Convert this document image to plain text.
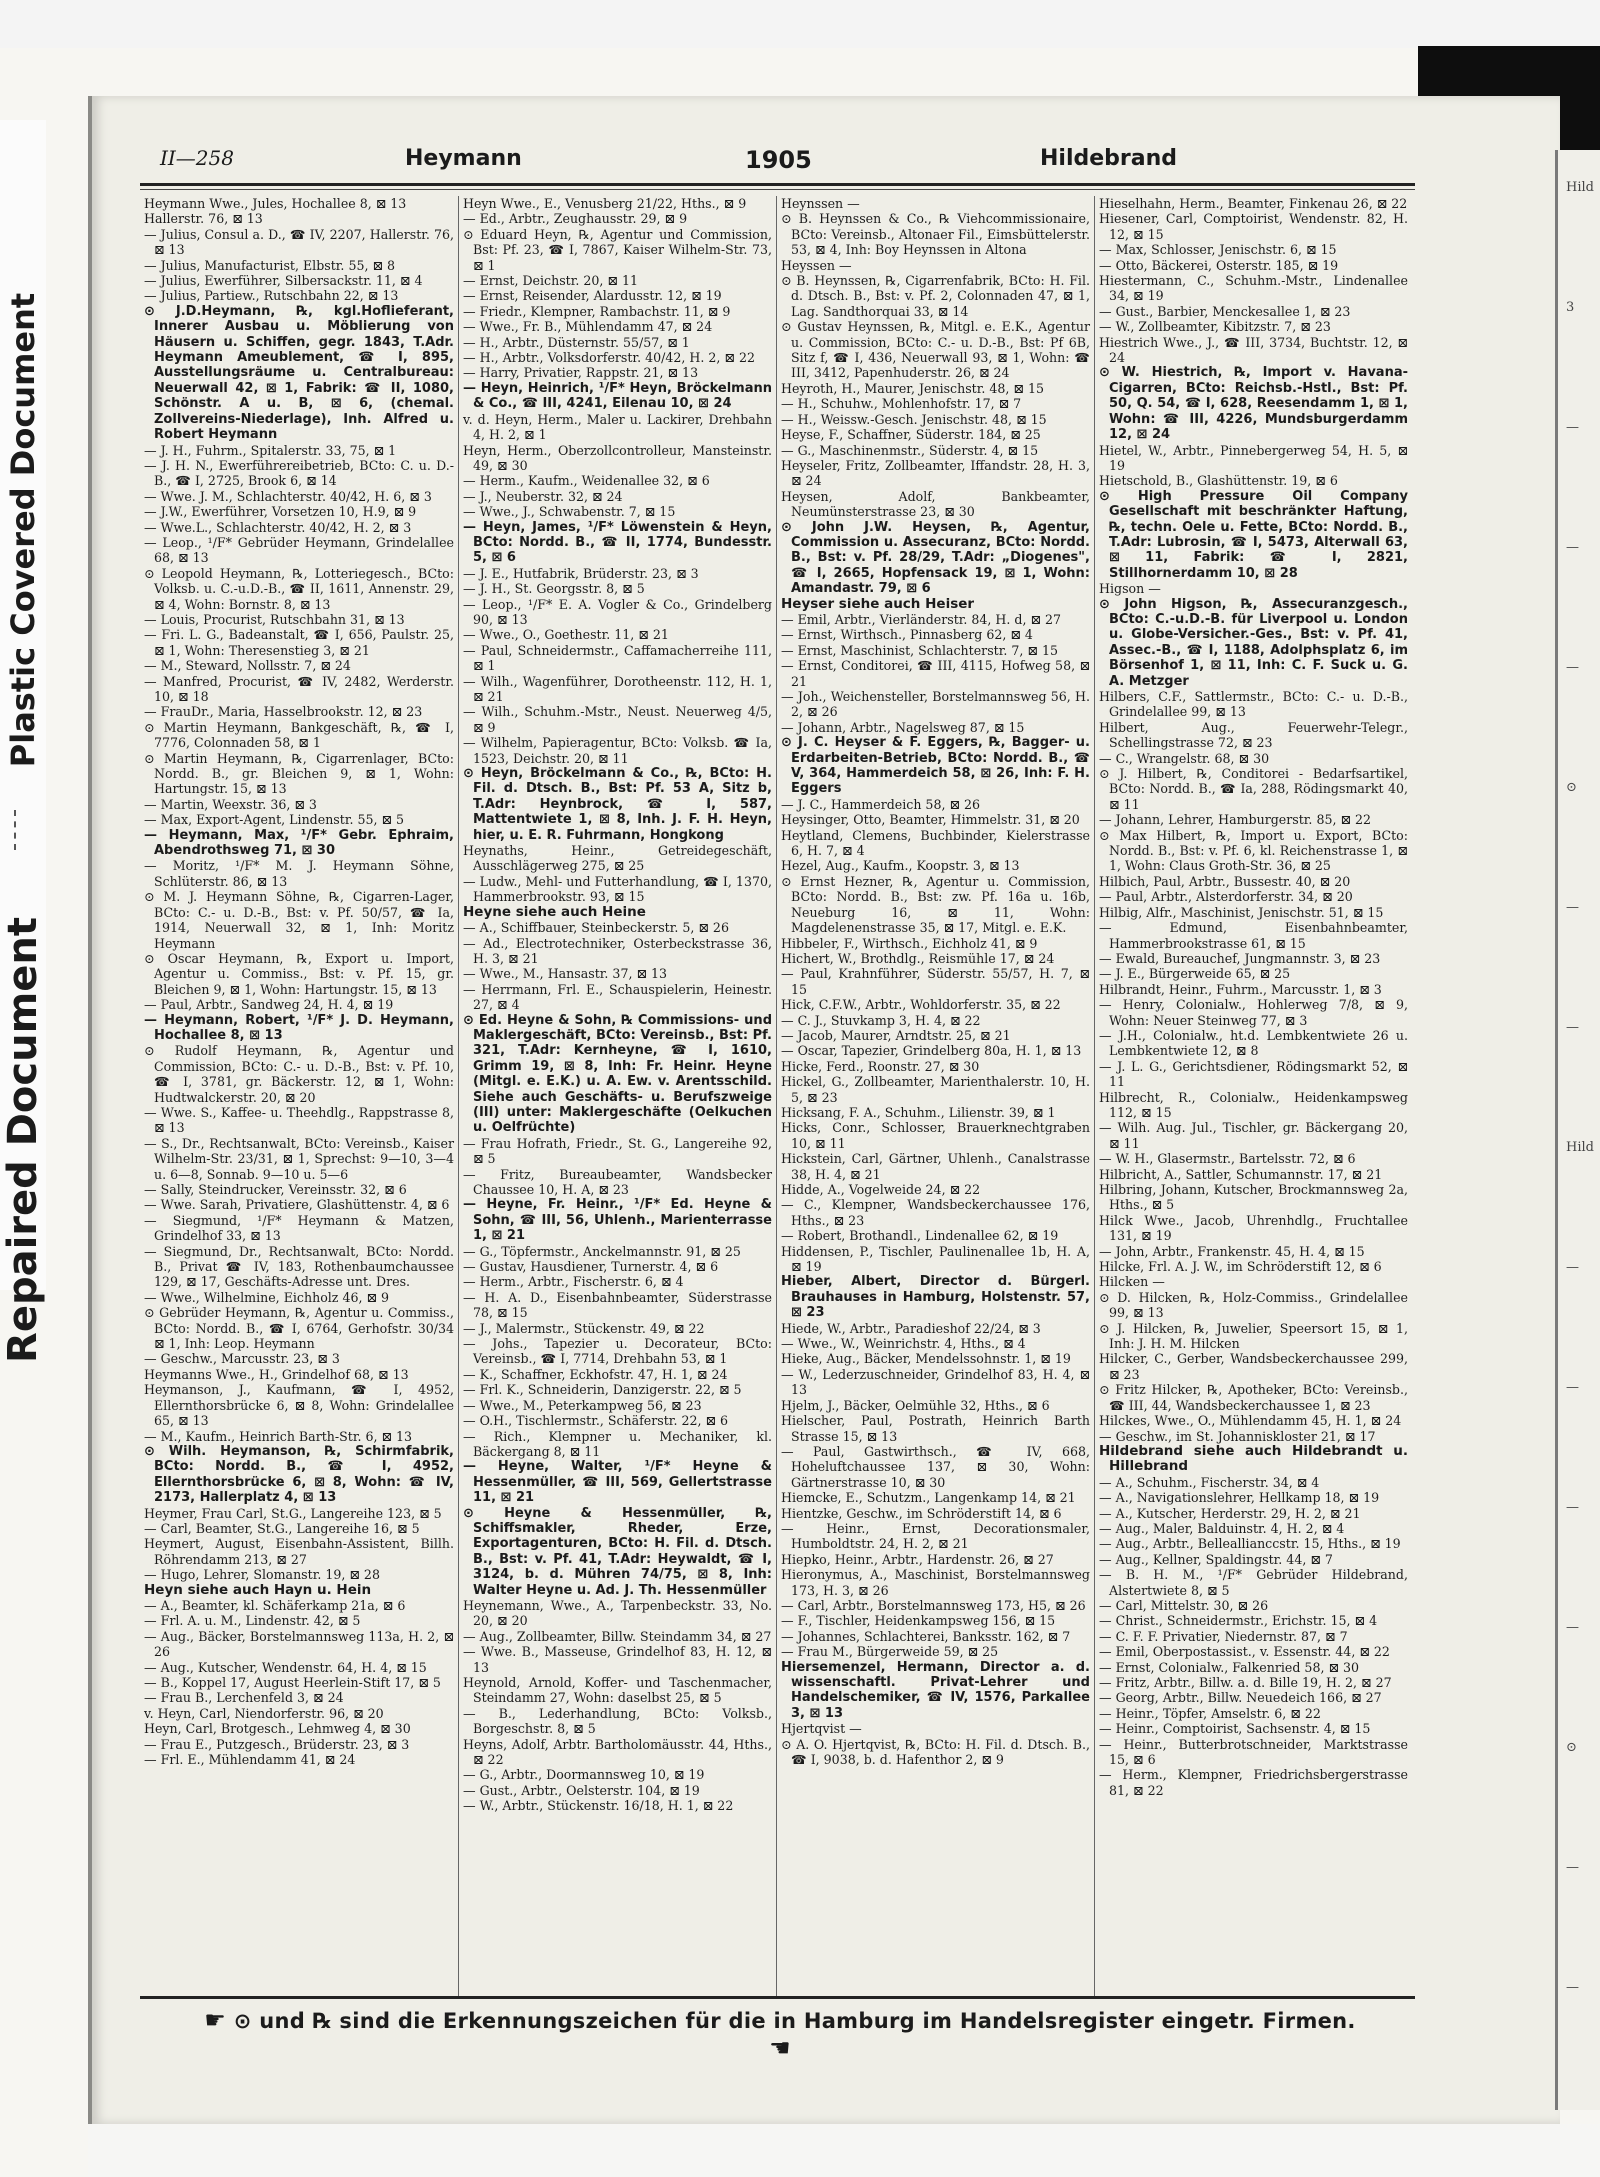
Plastic Covered Document
Repaired Document
Hild
3
—
—
—
⊙
—
—
Hild
—
—
—
—
⊙
—
—
II—258	Heymann	1905	Hildebrand

Heymann Wwe., Jules, Hochallee 8, ⊠ 13

Hallerstr. 76, ⊠ 13

— Julius, Consul a. D., ☎ IV, 2207, Hallerstr. 76, ⊠ 13

— Julius, Manufacturist, Elbstr. 55, ⊠ 8

— Julius, Ewerführer, Silbersackstr. 11, ⊠ 4

— Julius, Partiew., Rutschbahn 22, ⊠ 13

⊙ J.D.Heymann, ℞, kgl.Hoflieferant, Innerer Ausbau u. Möblierung von Häusern u. Schiffen, gegr. 1843, T.Adr. Heymann Ameublement, ☎ I, 895, Ausstellungsräume u. Centralbureau: Neuerwall 42, ⊠ 1, Fabrik: ☎ II, 1080, Schönstr. A u. B, ⊠ 6, (chemal. Zollvereins-Niederlage), Inh. Alfred u. Robert Heymann

— J. H., Fuhrm., Spitalerstr. 33, 75, ⊠ 1

— J. H. N., Ewerführereibetrieb, BCto: C. u. D.-B., ☎ I, 2725, Brook 6, ⊠ 14

— Wwe. J. M., Schlachterstr. 40/42, H. 6, ⊠ 3

— J.W., Ewerführer, Vorsetzen 10, H.9, ⊠ 9

— Wwe.L., Schlachterstr. 40/42, H. 2, ⊠ 3

— Leop., ¹/F* Gebrüder Heymann, Grindelallee 68, ⊠ 13

⊙ Leopold Heymann, ℞, Lotteriegesch., BCto: Volksb. u. C.-u.D.-B., ☎ II, 1611, Annenstr. 29, ⊠ 4, Wohn: Bornstr. 8, ⊠ 13

— Louis, Procurist, Rutschbahn 31, ⊠ 13

— Fri. L. G., Badeanstalt, ☎ I, 656, Paulstr. 25, ⊠ 1, Wohn: Theresenstieg 3, ⊠ 21

— M., Steward, Nollsstr. 7, ⊠ 24

— Manfred, Procurist, ☎ IV, 2482, Werderstr. 10, ⊠ 18

— FrauDr., Maria, Hasselbrookstr. 12, ⊠ 23

⊙ Martin Heymann, Bankgeschäft, ℞, ☎ I, 7776, Colonnaden 58, ⊠ 1

⊙ Martin Heymann, ℞, Cigarrenlager, BCto: Nordd. B., gr. Bleichen 9, ⊠ 1, Wohn: Hartungstr. 15, ⊠ 13

— Martin, Weexstr. 36, ⊠ 3

— Max, Export-Agent, Lindenstr. 55, ⊠ 5

— Heymann, Max, ¹/F* Gebr. Ephraim, Abendrothsweg 71, ⊠ 30

— Moritz, ¹/F* M. J. Heymann Söhne, Schlüterstr. 86, ⊠ 13

⊙ M. J. Heymann Söhne, ℞, Cigarren-Lager, BCto: C.- u. D.-B., Bst: v. Pf. 50/57, ☎ Ia, 1914, Neuerwall 32, ⊠ 1, Inh: Moritz Heymann

⊙ Oscar Heymann, ℞, Export u. Import, Agentur u. Commiss., Bst: v. Pf. 15, gr. Bleichen 9, ⊠ 1, Wohn: Hartungstr. 15, ⊠ 13

— Paul, Arbtr., Sandweg 24, H. 4, ⊠ 19

— Heymann, Robert, ¹/F* J. D. Heymann, Hochallee 8, ⊠ 13

⊙ Rudolf Heymann, ℞, Agentur und Commission, BCto: C.- u. D.-B., Bst: v. Pf. 10, ☎ I, 3781, gr. Bäckerstr. 12, ⊠ 1, Wohn: Hudtwalckerstr. 20, ⊠ 20

— Wwe. S., Kaffee- u. Theehdlg., Rappstrasse 8, ⊠ 13

— S., Dr., Rechtsanwalt, BCto: Vereinsb., Kaiser Wilhelm-Str. 23/31, ⊠ 1, Sprechst: 9—10, 3—4 u. 6—8, Sonnab. 9—10 u. 5—6

— Sally, Steindrucker, Vereinsstr. 32, ⊠ 6

— Wwe. Sarah, Privatiere, Glashüttenstr. 4, ⊠ 6

— Siegmund, ¹/F* Heymann & Matzen, Grindelhof 33, ⊠ 13

— Siegmund, Dr., Rechtsanwalt, BCto: Nordd. B., Privat ☎ IV, 183, Rothenbaumchaussee 129, ⊠ 17, Geschäfts-Adresse unt. Dres.

— Wwe., Wilhelmine, Eichholz 46, ⊠ 9

⊙ Gebrüder Heymann, ℞, Agentur u. Commiss., BCto: Nordd. B., ☎ I, 6764, Gerhofstr. 30/34 ⊠ 1, Inh: Leop. Heymann

— Geschw., Marcusstr. 23, ⊠ 3

Heymanns Wwe., H., Grindelhof 68, ⊠ 13

Heymanson, J., Kaufmann, ☎ I, 4952, Ellernthorsbrücke 6, ⊠ 8, Wohn: Grindelallee 65, ⊠ 13

— M., Kaufm., Heinrich Barth-Str. 6, ⊠ 13

⊙ Wilh. Heymanson, ℞, Schirmfabrik, BCto: Nordd. B., ☎ I, 4952, Ellernthorsbrücke 6, ⊠ 8, Wohn: ☎ IV, 2173, Hallerplatz 4, ⊠ 13

Heymer, Frau Carl, St.G., Langereihe 123, ⊠ 5

— Carl, Beamter, St.G., Langereihe 16, ⊠ 5

Heymert, August, Eisenbahn-Assistent, Billh. Röhrendamm 213, ⊠ 27

— Hugo, Lehrer, Slomanstr. 19, ⊠ 28

Heyn siehe auch Hayn u. Hein

— A., Beamter, kl. Schäferkamp 21a, ⊠ 6

— Frl. A. u. M., Lindenstr. 42, ⊠ 5

— Aug., Bäcker, Borstelmannsweg 113a, H. 2, ⊠ 26

— Aug., Kutscher, Wendenstr. 64, H. 4, ⊠ 15

— B., Koppel 17, August Heerlein-Stift 17, ⊠ 5

— Frau B., Lerchenfeld 3, ⊠ 24

v. Heyn, Carl, Niendorferstr. 96, ⊠ 20

Heyn, Carl, Brotgesch., Lehmweg 4, ⊠ 30

— Frau E., Putzgesch., Brüderstr. 23, ⊠ 3

— Frl. E., Mühlendamm 41, ⊠ 24

Heyn Wwe., E., Venusberg 21/22, Hths., ⊠ 9

— Ed., Arbtr., Zeughausstr. 29, ⊠ 9

⊙ Eduard Heyn, ℞, Agentur und Commission, Bst: Pf. 23, ☎ I, 7867, Kaiser Wilhelm-Str. 73, ⊠ 1

— Ernst, Deichstr. 20, ⊠ 11

— Ernst, Reisender, Alardusstr. 12, ⊠ 19

— Friedr., Klempner, Rambachstr. 11, ⊠ 9

— Wwe., Fr. B., Mühlendamm 47, ⊠ 24

— H., Arbtr., Düsternstr. 55/57, ⊠ 1

— H., Arbtr., Volksdorferstr. 40/42, H. 2, ⊠ 22

— Harry, Privatier, Rappstr. 21, ⊠ 13

— Heyn, Heinrich, ¹/F* Heyn, Bröckelmann & Co., ☎ III, 4241, Eilenau 10, ⊠ 24

v. d. Heyn, Herm., Maler u. Lackirer, Drehbahn 4, H. 2, ⊠ 1

Heyn, Herm., Oberzollcontrolleur, Mansteinstr. 49, ⊠ 30

— Herm., Kaufm., Weidenallee 32, ⊠ 6

— J., Neuberstr. 32, ⊠ 24

— Wwe., J., Schwabenstr. 7, ⊠ 15

— Heyn, James, ¹/F* Löwenstein & Heyn, BCto: Nordd. B., ☎ II, 1774, Bundesstr. 5, ⊠ 6

— J. E., Hutfabrik, Brüderstr. 23, ⊠ 3

— J. H., St. Georgsstr. 8, ⊠ 5

— Leop., ¹/F* E. A. Vogler & Co., Grindelberg 90, ⊠ 13

— Wwe., O., Goethestr. 11, ⊠ 21

— Paul, Schneidermstr., Caffamacherreihe 111, ⊠ 1

— Wilh., Wagenführer, Dorotheenstr. 112, H. 1, ⊠ 21

— Wilh., Schuhm.-Mstr., Neust. Neuerweg 4/5, ⊠ 9

— Wilhelm, Papieragentur, BCto: Volksb. ☎ Ia, 1523, Deichstr. 20, ⊠ 11

⊙ Heyn, Bröckelmann & Co., ℞, BCto: H. Fil. d. Dtsch. B., Bst: Pf. 53 A, Sitz b, T.Adr: Heynbrock, ☎ I, 587, Mattentwiete 1, ⊠ 8, Inh. J. F. H. Heyn, hier, u. E. R. Fuhrmann, Hongkong

Heynaths, Heinr., Getreidegeschäft, Ausschlägerweg 275, ⊠ 25

— Ludw., Mehl- und Futterhandlung, ☎ I, 1370, Hammerbrookstr. 93, ⊠ 15

Heyne siehe auch Heine

— A., Schiffbauer, Steinbeckerstr. 5, ⊠ 26

— Ad., Electrotechniker, Osterbeckstrasse 36, H. 3, ⊠ 21

— Wwe., M., Hansastr. 37, ⊠ 13

— Herrmann, Frl. E., Schauspielerin, Heinestr. 27, ⊠ 4

⊙ Ed. Heyne & Sohn, ℞ Commissions- und Maklergeschäft, BCto: Vereinsb., Bst: Pf. 321, T.Adr: Kernheyne, ☎ I, 1610, Grimm 19, ⊠ 8, Inh: Fr. Heinr. Heyne (Mitgl. e. E.K.) u. A. Ew. v. Arentsschild. Siehe auch Geschäfts- u. Berufszweige (III) unter: Maklergeschäfte (Oelkuchen u. Oelfrüchte)

— Frau Hofrath, Friedr., St. G., Langereihe 92, ⊠ 5

— Fritz, Bureaubeamter, Wandsbecker Chaussee 10, H. A, ⊠ 23

— Heyne, Fr. Heinr., ¹/F* Ed. Heyne & Sohn, ☎ III, 56, Uhlenh., Marienterrasse 1, ⊠ 21

— G., Töpfermstr., Anckelmannstr. 91, ⊠ 25

— Gustav, Hausdiener, Turnerstr. 4, ⊠ 6

— Herm., Arbtr., Fischerstr. 6, ⊠ 4

— H. A. D., Eisenbahnbeamter, Süderstrasse 78, ⊠ 15

— J., Malermstr., Stückenstr. 49, ⊠ 22

— Johs., Tapezier u. Decorateur, BCto: Vereinsb., ☎ I, 7714, Drehbahn 53, ⊠ 1

— K., Schaffner, Eckhofstr. 47, H. 1, ⊠ 24

— Frl. K., Schneiderin, Danzigerstr. 22, ⊠ 5

— Wwe., M., Peterkampweg 56, ⊠ 23

— O.H., Tischlermstr., Schäferstr. 22, ⊠ 6

— Rich., Klempner u. Mechaniker, kl. Bäckergang 8, ⊠ 11

— Heyne, Walter, ¹/F* Heyne & Hessenmüller, ☎ III, 569, Gellertstrasse 11, ⊠ 21

⊙ Heyne & Hessenmüller, ℞, Schiffsmakler, Rheder, Erze, Exportagenturen, BCto: H. Fil. d. Dtsch. B., Bst: v. Pf. 41, T.Adr: Heywaldt, ☎ I, 3124, b. d. Mühren 74/75, ⊠ 8, Inh: Walter Heyne u. Ad. J. Th. Hessenmüller

Heynemann, Wwe., A., Tarpenbeckstr. 33, No. 20, ⊠ 20

— Aug., Zollbeamter, Billw. Steindamm 34, ⊠ 27

— Wwe. B., Masseuse, Grindelhof 83, H. 12, ⊠ 13

Heynold, Arnold, Koffer- und Taschenmacher, Steindamm 27, Wohn: daselbst 25, ⊠ 5

— B., Lederhandlung, BCto: Volksb., Borgeschstr. 8, ⊠ 5

Heyns, Adolf, Arbtr. Bartholomäusstr. 44, Hths., ⊠ 22

— G., Arbtr., Doormannsweg 10, ⊠ 19

— Gust., Arbtr., Oelsterstr. 104, ⊠ 19

— W., Arbtr., Stückenstr. 16/18, H. 1, ⊠ 22

Heynssen —

⊙ B. Heynssen & Co., ℞ Viehcommissionaire, BCto: Vereinsb., Altonaer Fil., Eimsbüttelerstr. 53, ⊠ 4, Inh: Boy Heynssen in Altona

Heyssen —

⊙ B. Heynssen, ℞, Cigarrenfabrik, BCto: H. Fil. d. Dtsch. B., Bst: v. Pf. 2, Colonnaden 47, ⊠ 1, Lag. Sandthorquai 33, ⊠ 14

⊙ Gustav Heynssen, ℞, Mitgl. e. E.K., Agentur u. Commission, BCto: C.- u. D.-B., Bst: Pf 6B, Sitz f, ☎ I, 436, Neuerwall 93, ⊠ 1, Wohn: ☎ III, 3412, Papenhuderstr. 26, ⊠ 24

Heyroth, H., Maurer, Jenischstr. 48, ⊠ 15

— H., Schuhw., Mohlenhofstr. 17, ⊠ 7

— H., Weissw.-Gesch. Jenischstr. 48, ⊠ 15

Heyse, F., Schaffner, Süderstr. 184, ⊠ 25

— G., Maschinenmstr., Süderstr. 4, ⊠ 15

Heyseler, Fritz, Zollbeamter, Iffandstr. 28, H. 3, ⊠ 24

Heysen, Adolf, Bankbeamter, Neumünsterstrasse 23, ⊠ 30

⊙ John J.W. Heysen, ℞, Agentur, Commission u. Assecuranz, BCto: Nordd. B., Bst: v. Pf. 28/29, T.Adr: „Diogenes", ☎ I, 2665, Hopfensack 19, ⊠ 1, Wohn: Amandastr. 79, ⊠ 6

Heyser siehe auch Heiser

— Emil, Arbtr., Vierländerstr. 84, H. d, ⊠ 27

— Ernst, Wirthsch., Pinnasberg 62, ⊠ 4

— Ernst, Maschinist, Schlachterstr. 7, ⊠ 15

— Ernst, Conditorei, ☎ III, 4115, Hofweg 58, ⊠ 21

— Joh., Weichensteller, Borstelmannsweg 56, H. 2, ⊠ 26

— Johann, Arbtr., Nagelsweg 87, ⊠ 15

⊙ J. C. Heyser & F. Eggers, ℞, Bagger- u. Erdarbeiten-Betrieb, BCto: Nordd. B., ☎ V, 364, Hammerdeich 58, ⊠ 26, Inh: F. H. Eggers

— J. C., Hammerdeich 58, ⊠ 26

Heysinger, Otto, Beamter, Himmelstr. 31, ⊠ 20

Heytland, Clemens, Buchbinder, Kielerstrasse 6, H. 7, ⊠ 4

Hezel, Aug., Kaufm., Koopstr. 3, ⊠ 13

⊙ Ernst Hezner, ℞, Agentur u. Commission, BCto: Nordd. B., Bst: zw. Pf. 16a u. 16b, Neueburg 16, ⊠ 11, Wohn: Magdelenenstrasse 35, ⊠ 17, Mitgl. e. E.K.

Hibbeler, F., Wirthsch., Eichholz 41, ⊠ 9

Hichert, W., Brothdlg., Reismühle 17, ⊠ 24

— Paul, Krahnführer, Süderstr. 55/57, H. 7, ⊠ 15

Hick, C.F.W., Arbtr., Wohldorferstr. 35, ⊠ 22

— C. J., Stuvkamp 3, H. 4, ⊠ 22

— Jacob, Maurer, Arndtstr. 25, ⊠ 21

— Oscar, Tapezier, Grindelberg 80a, H. 1, ⊠ 13

Hicke, Ferd., Roonstr. 27, ⊠ 30

Hickel, G., Zollbeamter, Marienthalerstr. 10, H. 5, ⊠ 23

Hicksang, F. A., Schuhm., Lilienstr. 39, ⊠ 1

Hicks, Conr., Schlosser, Brauerknechtgraben 10, ⊠ 11

Hickstein, Carl, Gärtner, Uhlenh., Canalstrasse 38, H. 4, ⊠ 21

Hidde, A., Vogelweide 24, ⊠ 22

— C., Klempner, Wandsbeckerchaussee 176, Hths., ⊠ 23

— Robert, Brothandl., Lindenallee 62, ⊠ 19

Hiddensen, P., Tischler, Paulinenallee 1b, H. A, ⊠ 19

Hieber, Albert, Director d. Bürgerl. Brauhauses in Hamburg, Holstenstr. 57, ⊠ 23

Hiede, W., Arbtr., Paradieshof 22/24, ⊠ 3

— Wwe., W., Weinrichstr. 4, Hths., ⊠ 4

Hieke, Aug., Bäcker, Mendelssohnstr. 1, ⊠ 19

— W., Lederzuschneider, Grindelhof 83, H. 4, ⊠ 13

Hjelm, J., Bäcker, Oelmühle 32, Hths., ⊠ 6

Hielscher, Paul, Postrath, Heinrich Barth Strasse 15, ⊠ 13

— Paul, Gastwirthsch., ☎ IV, 668, Hoheluftchaussee 137, ⊠ 30, Wohn: Gärtnerstrasse 10, ⊠ 30

Hiemcke, E., Schutzm., Langenkamp 14, ⊠ 21

Hientzke, Geschw., im Schröderstift 14, ⊠ 6

— Heinr., Ernst, Decorationsmaler, Humboldtstr. 24, H. 2, ⊠ 21

Hiepko, Heinr., Arbtr., Hardenstr. 26, ⊠ 27

Hieronymus, A., Maschinist, Borstelmannsweg 173, H. 3, ⊠ 26

— Carl, Arbtr., Borstelmannsweg 173, H5, ⊠ 26

— F., Tischler, Heidenkampsweg 156, ⊠ 15

— Johannes, Schlachterei, Banksstr. 162, ⊠ 7

— Frau M., Bürgerweide 59, ⊠ 25

Hiersemenzel, Hermann, Director a. d. wissenschaftl. Privat-Lehrer und Handelschemiker, ☎ IV, 1576, Parkallee 3, ⊠ 13

Hjertqvist —

⊙ A. O. Hjertqvist, ℞, BCto: H. Fil. d. Dtsch. B., ☎ I, 9038, b. d. Hafenthor 2, ⊠ 9

Hieselhahn, Herm., Beamter, Finkenau 26, ⊠ 22

Hiesener, Carl, Comptoirist, Wendenstr. 82, H. 12, ⊠ 15

— Max, Schlosser, Jenischstr. 6, ⊠ 15

— Otto, Bäckerei, Osterstr. 185, ⊠ 19

Hiestermann, C., Schuhm.-Mstr., Lindenallee 34, ⊠ 19

— Gust., Barbier, Menckesallee 1, ⊠ 23

— W., Zollbeamter, Kibitzstr. 7, ⊠ 23

Hiestrich Wwe., J., ☎ III, 3734, Buchtstr. 12, ⊠ 24

⊙ W. Hiestrich, ℞, Import v. Havana-Cigarren, BCto: Reichsb.-Hstl., Bst: Pf. 50, Q. 54, ☎ I, 628, Reesendamm 1, ⊠ 1, Wohn: ☎ III, 4226, Mundsburgerdamm 12, ⊠ 24

Hietel, W., Arbtr., Pinnebergerweg 54, H. 5, ⊠ 19

Hietschold, B., Glashüttenstr. 19, ⊠ 6

⊙ High Pressure Oil Company Gesellschaft mit beschränkter Haftung, ℞, techn. Oele u. Fette, BCto: Nordd. B., T.Adr: Lubrosin, ☎ I, 5473, Alterwall 63, ⊠ 11, Fabrik: ☎ I, 2821, Stillhornerdamm 10, ⊠ 28

Higson —

⊙ John Higson, ℞, Assecuranzgesch., BCto: C.-u.D.-B. für Liverpool u. London u. Globe-Versicher.-Ges., Bst: v. Pf. 41, Assec.-B., ☎ I, 1188, Adolphsplatz 6, im Börsenhof 1, ⊠ 11, Inh: C. F. Suck u. G. A. Metzger

Hilbers, C.F., Sattlermstr., BCto: C.- u. D.-B., Grindelallee 99, ⊠ 13

Hilbert, Aug., Feuerwehr-Telegr., Schellingstrasse 72, ⊠ 23

— C., Wrangelstr. 68, ⊠ 30

⊙ J. Hilbert, ℞, Conditorei - Bedarfsartikel, BCto: Nordd. B., ☎ Ia, 288, Rödingsmarkt 40, ⊠ 11

— Johann, Lehrer, Hamburgerstr. 85, ⊠ 22

⊙ Max Hilbert, ℞, Import u. Export, BCto: Nordd. B., Bst: v. Pf. 6, kl. Reichenstrasse 1, ⊠ 1, Wohn: Claus Groth-Str. 36, ⊠ 25

Hilbich, Paul, Arbtr., Bussestr. 40, ⊠ 20

— Paul, Arbtr., Alsterdorferstr. 34, ⊠ 20

Hilbig, Alfr., Maschinist, Jenischstr. 51, ⊠ 15

— Edmund, Eisenbahnbeamter, Hammerbrookstrasse 61, ⊠ 15

— Ewald, Bureauchef, Jungmannstr. 3, ⊠ 23

— J. E., Bürgerweide 65, ⊠ 25

Hilbrandt, Heinr., Fuhrm., Marcusstr. 1, ⊠ 3

— Henry, Colonialw., Hohlerweg 7/8, ⊠ 9, Wohn: Neuer Steinweg 77, ⊠ 3

— J.H., Colonialw., ht.d. Lembkentwiete 26 u. Lembkentwiete 12, ⊠ 8

— J. L. G., Gerichtsdiener, Rödingsmarkt 52, ⊠ 11

Hilbrecht, R., Colonialw., Heidenkampsweg 112, ⊠ 15

— Wilh. Aug. Jul., Tischler, gr. Bäckergang 20, ⊠ 11

— W. H., Glasermstr., Bartelsstr. 72, ⊠ 6

Hilbricht, A., Sattler, Schumannstr. 17, ⊠ 21

Hilbring, Johann, Kutscher, Brockmannsweg 2a, Hths., ⊠ 5

Hilck Wwe., Jacob, Uhrenhdlg., Fruchtallee 131, ⊠ 19

— John, Arbtr., Frankenstr. 45, H. 4, ⊠ 15

Hilcke, Frl. A. J. W., im Schröderstift 12, ⊠ 6

Hilcken —

⊙ D. Hilcken, ℞, Holz-Commiss., Grindelallee 99, ⊠ 13

⊙ J. Hilcken, ℞, Juwelier, Speersort 15, ⊠ 1, Inh: J. H. M. Hilcken

Hilcker, C., Gerber, Wandsbeckerchaussee 299, ⊠ 23

⊙ Fritz Hilcker, ℞, Apotheker, BCto: Vereinsb., ☎ III, 44, Wandsbeckerchaussee 1, ⊠ 23

Hilckes, Wwe., O., Mühlendamm 45, H. 1, ⊠ 24

— Geschw., im St. Johanniskloster 21, ⊠ 17

Hildebrand siehe auch Hildebrandt u. Hillebrand

— A., Schuhm., Fischerstr. 34, ⊠ 4

— A., Navigationslehrer, Hellkamp 18, ⊠ 19

— A., Kutscher, Herderstr. 29, H. 2, ⊠ 21

— Aug., Maler, Balduinstr. 4, H. 2, ⊠ 4

— Aug., Arbtr., Belleallianccstr. 15, Hths., ⊠ 19

— Aug., Kellner, Spaldingstr. 44, ⊠ 7

— B. H. M., ¹/F* Gebrüder Hildebrand, Alstertwiete 8, ⊠ 5

— Carl, Mittelstr. 30, ⊠ 26

— Christ., Schneidermstr., Erichstr. 15, ⊠ 4

— C. F. F. Privatier, Niedernstr. 87, ⊠ 7

— Emil, Oberpostassist., v. Essenstr. 44, ⊠ 22

— Ernst, Colonialw., Falkenried 58, ⊠ 30

— Fritz, Arbtr., Billw. a. d. Bille 19, H. 2, ⊠ 27

— Georg, Arbtr., Billw. Neuedeich 166, ⊠ 27

— Heinr., Töpfer, Amselstr. 6, ⊠ 22

— Heinr., Comptoirist, Sachsenstr. 4, ⊠ 15

— Heinr., Butterbrotschneider, Marktstrasse 15, ⊠ 6

— Herm., Klempner, Friedrichsbergerstrasse 81, ⊠ 22

☛ ⊙ und ℞ sind die Erkennungszeichen für die in Hamburg im Handelsregister eingetr. Firmen. ☚
